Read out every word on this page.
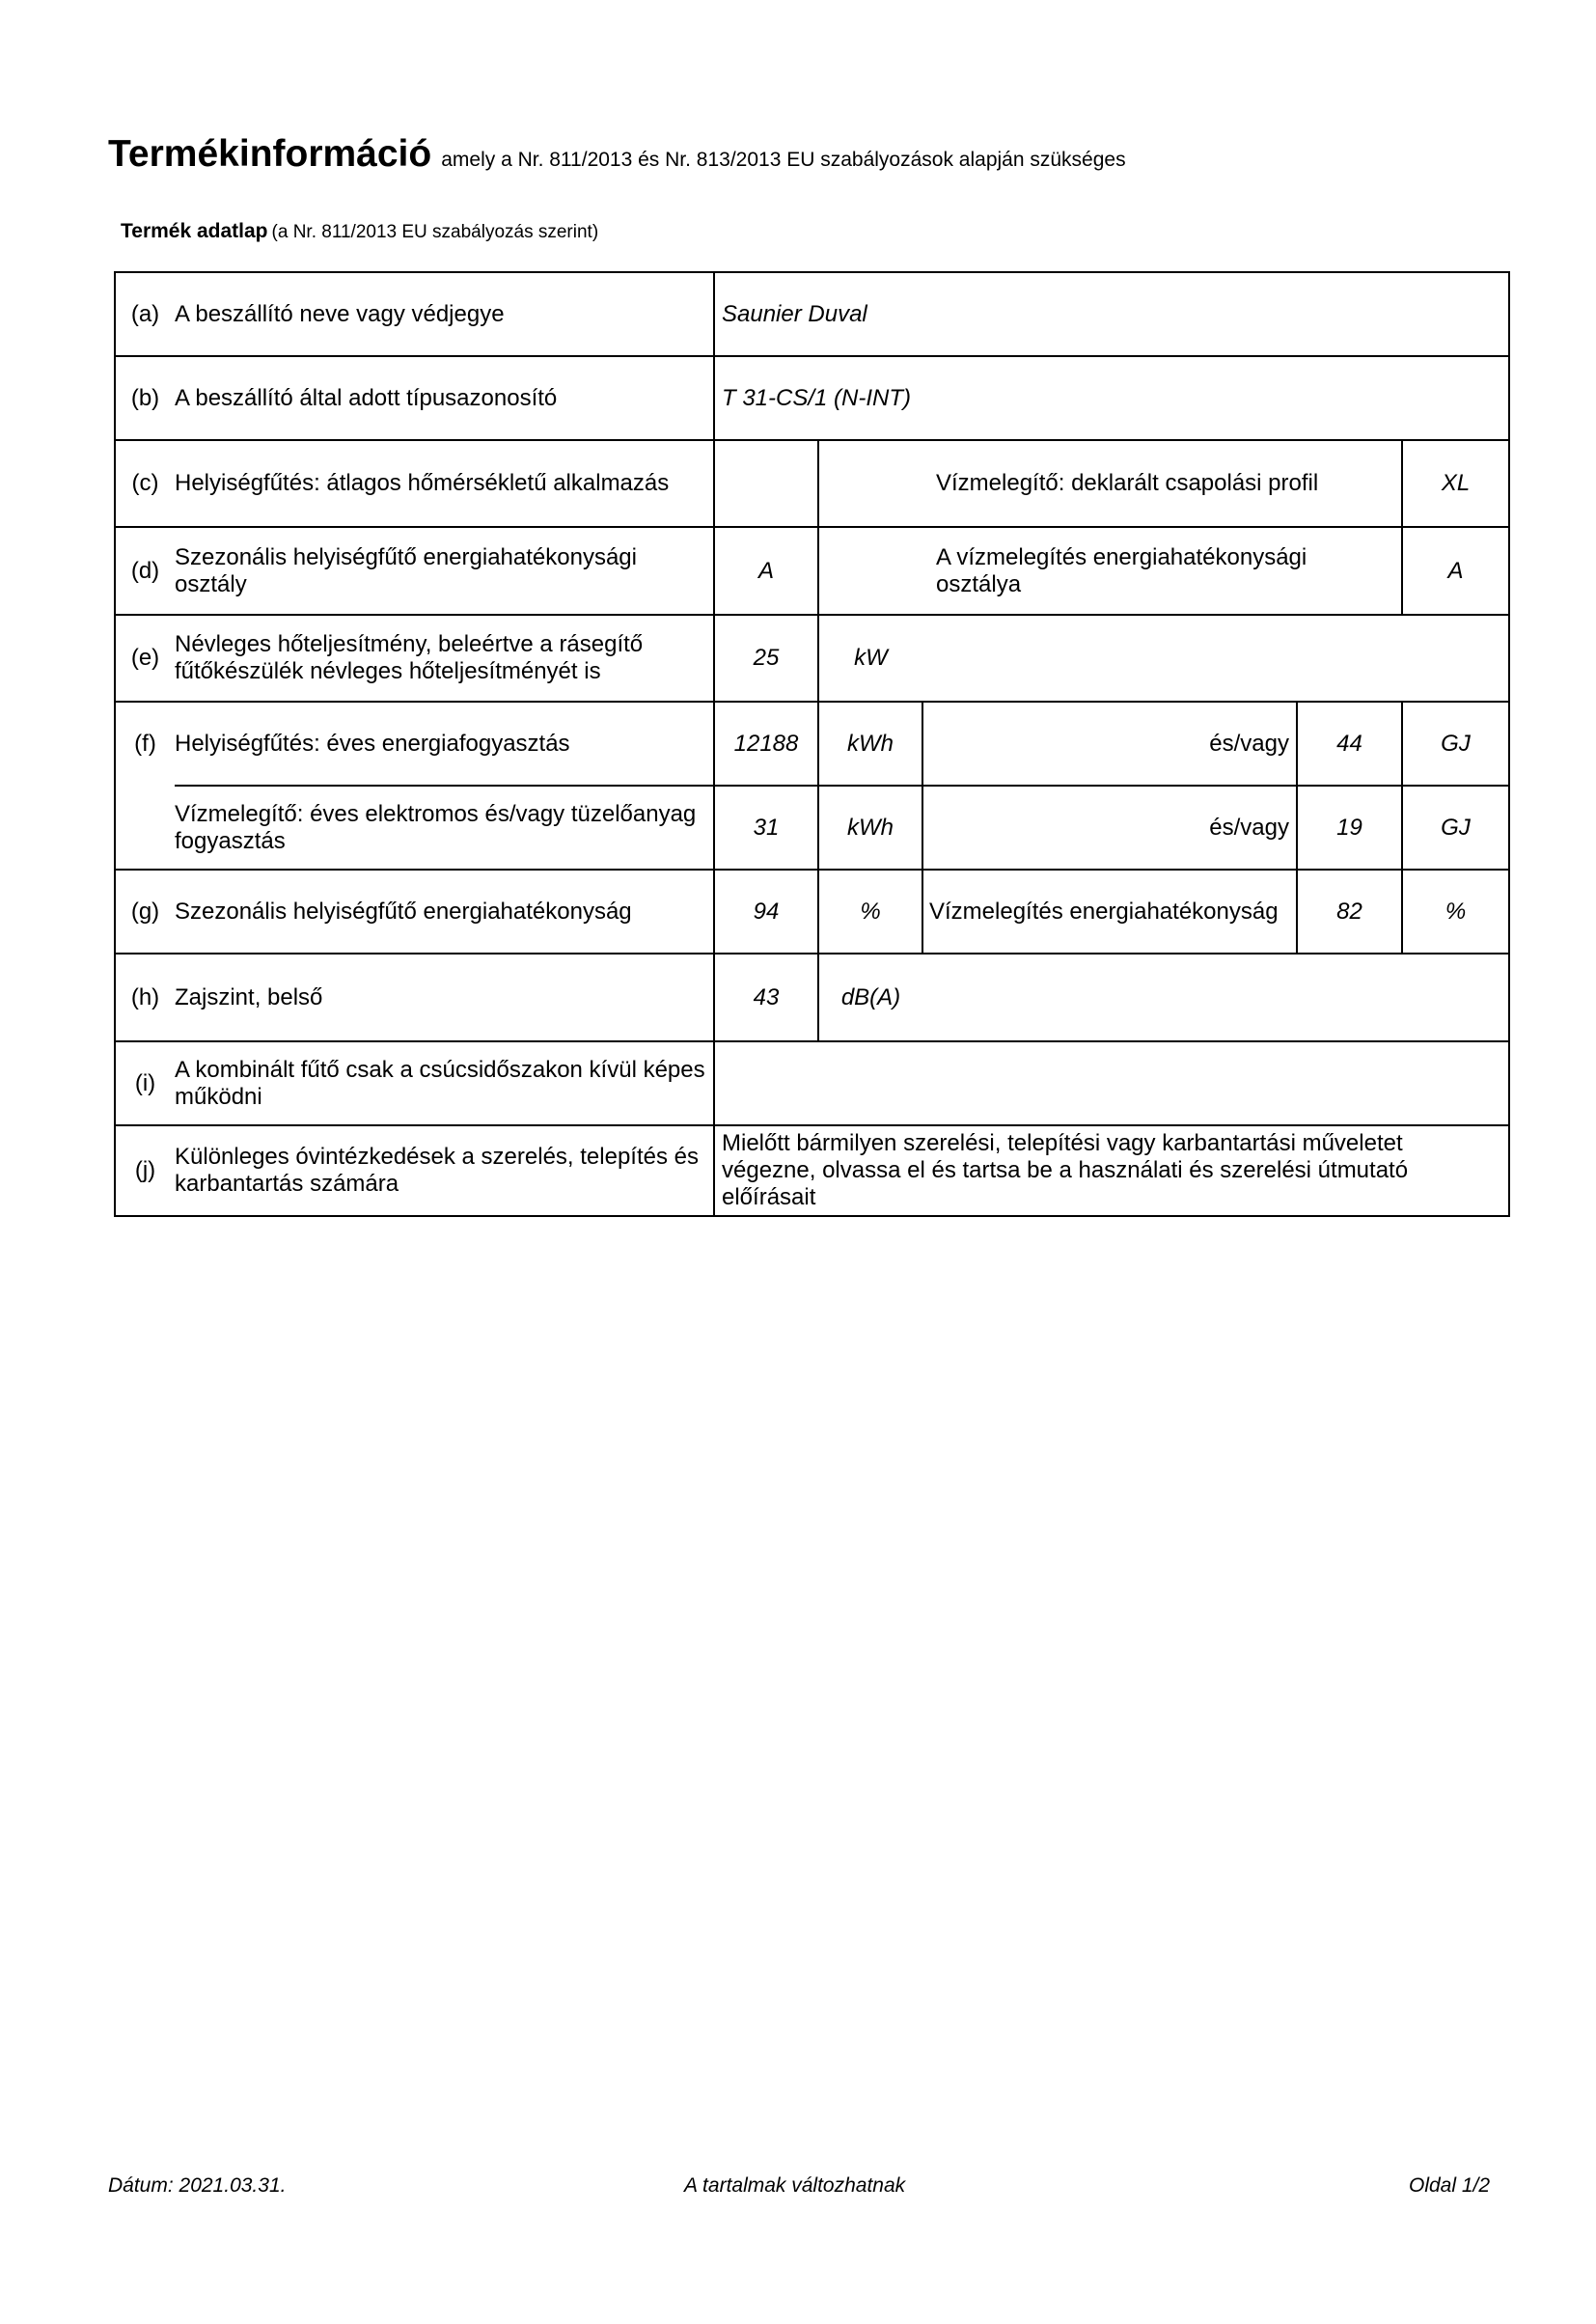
Termékinformáció amely a Nr. 811/2013 és Nr. 813/2013 EU szabályozások alapján szükséges
Termék adatlap (a Nr. 811/2013 EU szabályozás szerint)
(a)	A beszállító neve vagy védjegye	Saunier Duval				
(b)	A beszállító által adott típusazonosító	T 31-CS/1 (N-INT)				
(c)	Helyiségfűtés: átlagos hőmérsékletű alkalmazás		Vízmelegítő: deklarált csapolási profil			XL
(d)	Szezonális helyiségfűtő energiahatékonysági osztály	A	A vízmelegítés energiahatékonysági osztálya			A
(e)	Névleges hőteljesítmény, beleértve a rásegítő fűtőkészülék névleges hőteljesítményét is	25	kW			
(f)	Helyiségfűtés: éves energiafogyasztás	12188	kWh	és/vagy	44	GJ
	Vízmelegítő: éves elektromos és/vagy tüzelőanyag fogyasztás	31	kWh	és/vagy	19	GJ
(g)	Szezonális helyiségfűtő energiahatékonyság	94	%	Vízmelegítés energiahatékonyság	82	%
(h)	Zajszint, belső	43	dB(A)			
(i)	A kombinált fűtő csak a csúcsidőszakon kívül képes működni					
(j)	Különleges óvintézkedések a szerelés, telepítés és karbantartás számára	Mielőtt bármilyen szerelési, telepítési vagy karbantartási műveletet végezne, olvassa el és tartsa be a használati és szerelési útmutató előírásait				
Dátum: 2021.03.31.	A tartalmak változhatnak	Oldal 1/2
